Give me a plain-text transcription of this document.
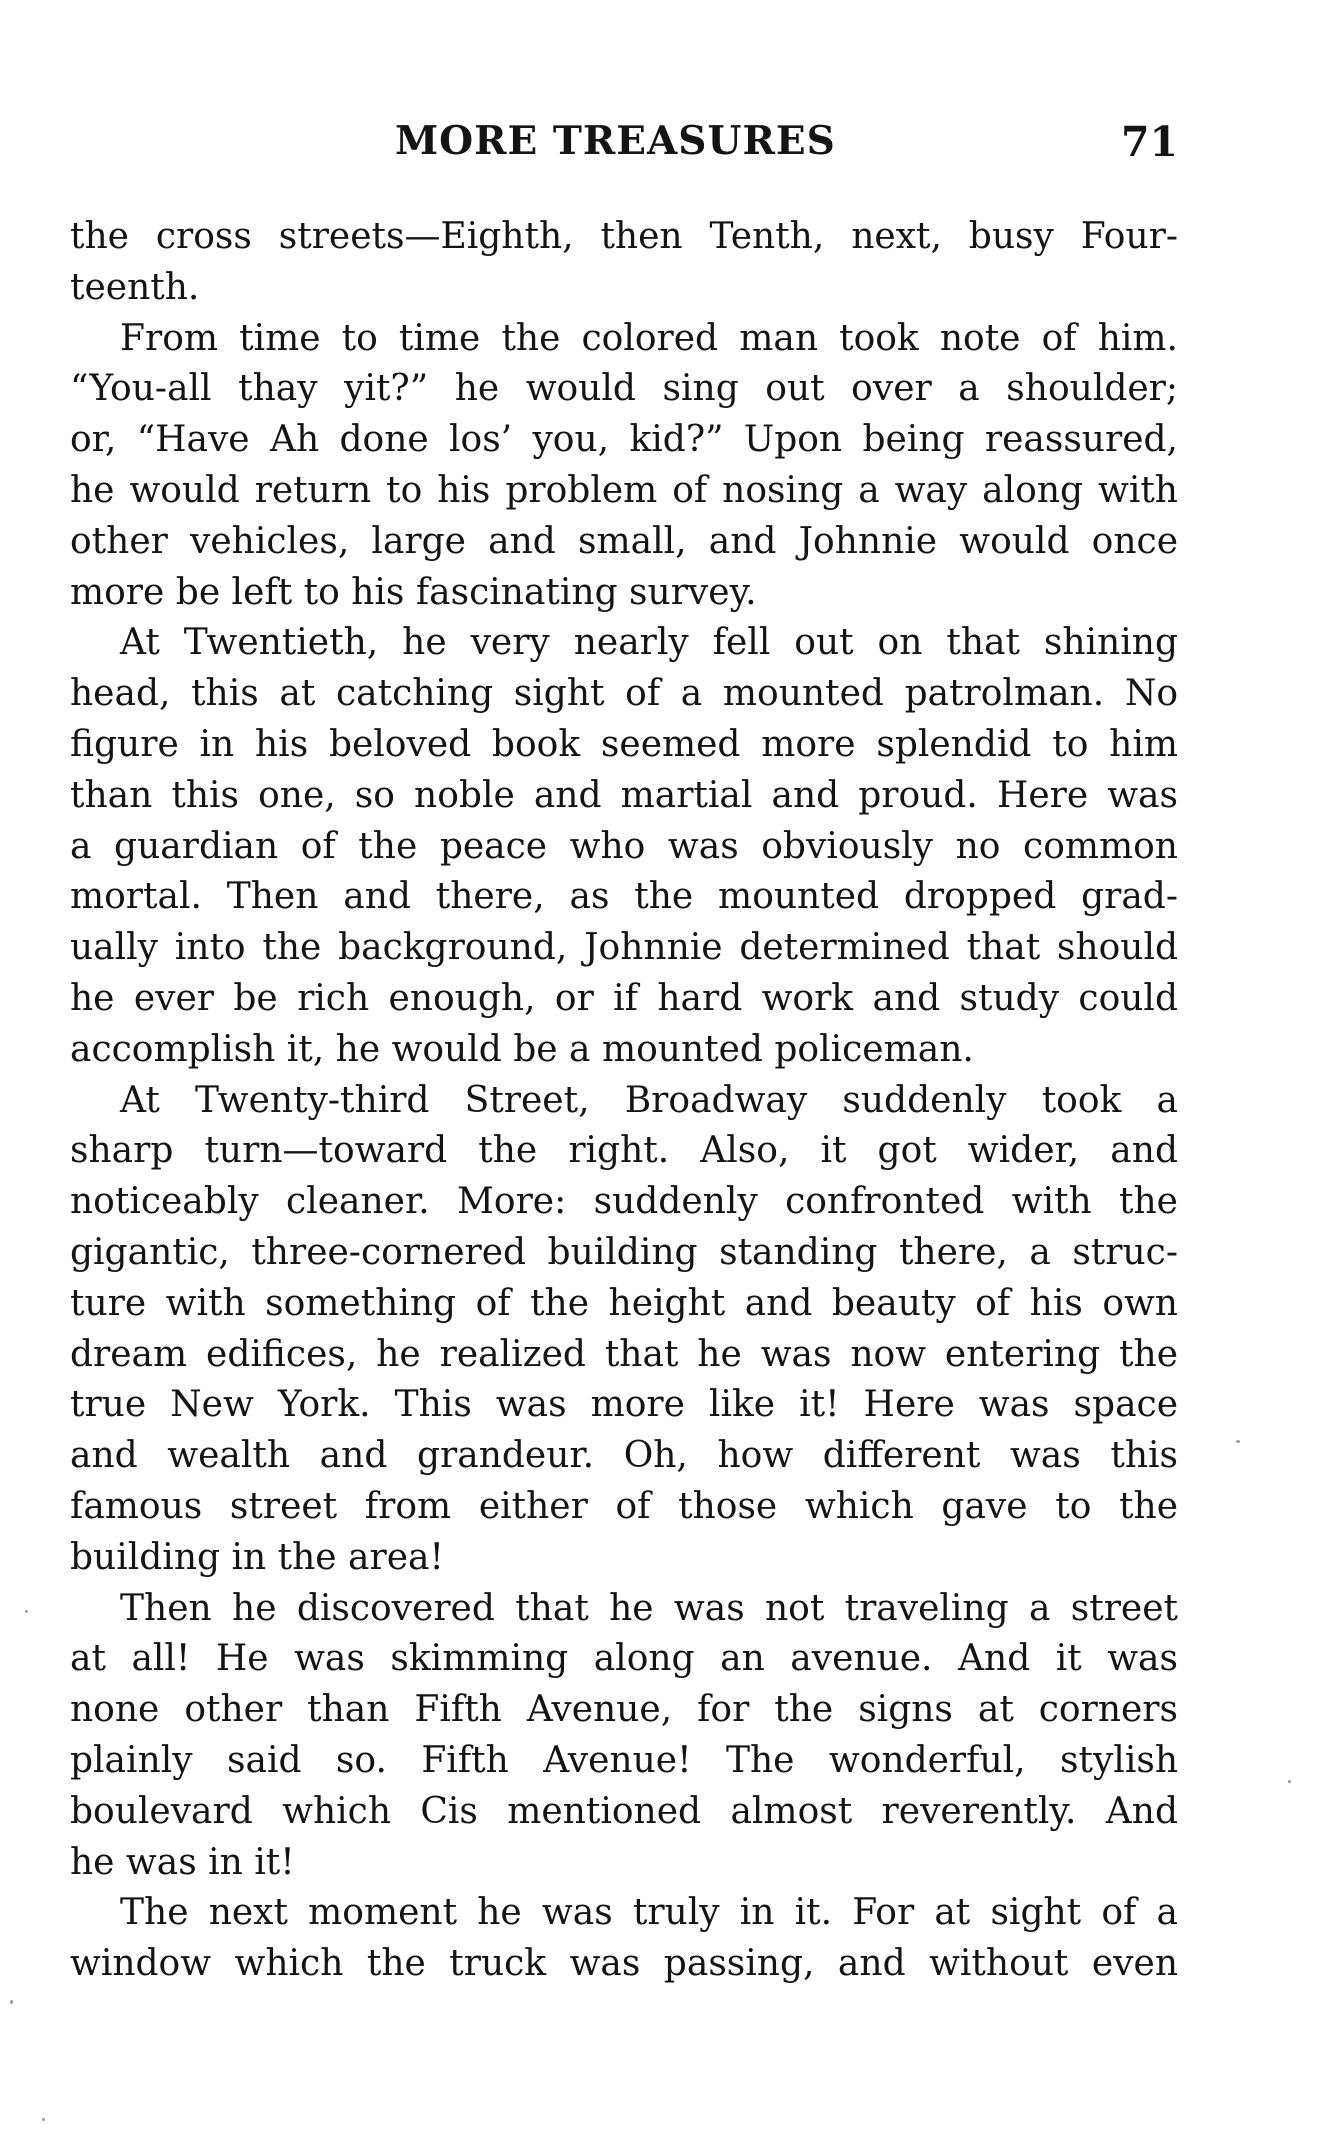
MORE TREASURES	71
the cross streets—Eighth, then Tenth, next, busy Four-
teenth.
From time to time the colored man took note of him.
“You-all thay yit?” he would sing out over a shoulder;
or, “Have Ah done los’ you, kid?” Upon being reassured,
he would return to his problem of nosing a way along with
other vehicles, large and small, and Johnnie would once
more be left to his fascinating survey.
At Twentieth, he very nearly fell out on that shining
head, this at catching sight of a mounted patrolman. No
figure in his beloved book seemed more splendid to him
than this one, so noble and martial and proud. Here was
a guardian of the peace who was obviously no common
mortal. Then and there, as the mounted dropped grad-
ually into the background, Johnnie determined that should
he ever be rich enough, or if hard work and study could
accomplish it, he would be a mounted policeman.
At Twenty-third Street, Broadway suddenly took a
sharp turn—toward the right. Also, it got wider, and
noticeably cleaner. More: suddenly confronted with the
gigantic, three-cornered building standing there, a struc-
ture with something of the height and beauty of his own
dream edifices, he realized that he was now entering the
true New York. This was more like it! Here was space
and wealth and grandeur. Oh, how different was this
famous street from either of those which gave to the
building in the area!
Then he discovered that he was not traveling a street
at all! He was skimming along an avenue. And it was
none other than Fifth Avenue, for the signs at corners
plainly said so. Fifth Avenue! The wonderful, stylish
boulevard which Cis mentioned almost reverently. And
he was in it!
The next moment he was truly in it. For at sight of a
window which the truck was passing, and without even
